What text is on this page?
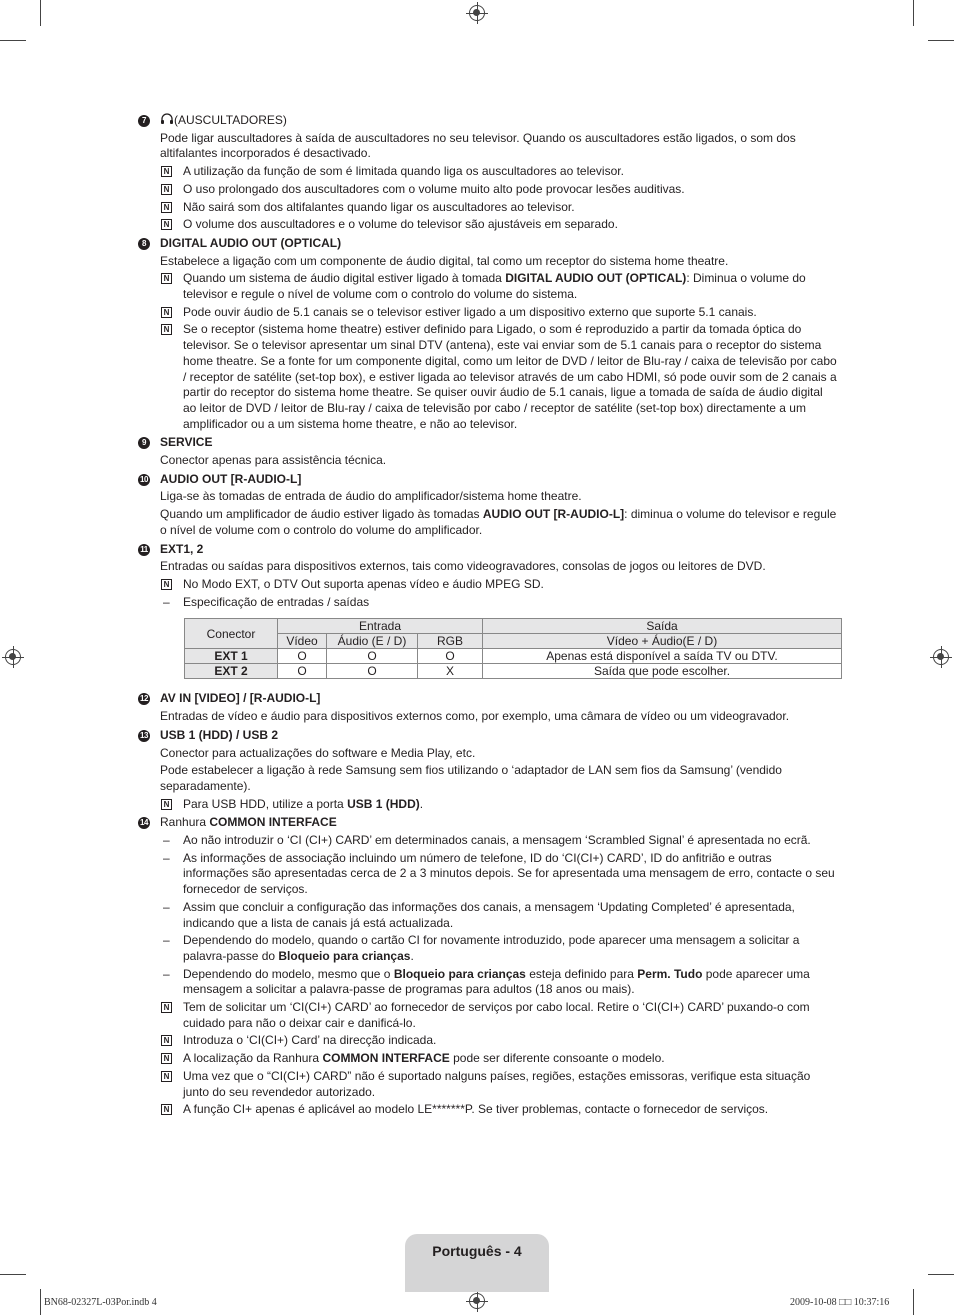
7	(AUSCULTADORES)

Pode ligar auscultadores à saída de auscultadores no seu televisor. Quando os auscultadores estão ligados, o som dos altifalantes incorporados é desactivado.

N A utilização da função de som é limitada quando liga os auscultadores ao televisor.
N O uso prolongado dos auscultadores com o volume muito alto pode provocar lesões auditivas.
N Não sairá som dos altifalantes quando ligar os auscultadores ao televisor.
N O volume dos auscultadores e o volume do televisor são ajustáveis em separado.
8	DIGITAL AUDIO OUT (OPTICAL)

Estabelece a ligação com um componente de áudio digital, tal como um receptor do sistema home theatre.

N Quando um sistema de áudio digital estiver ligado à tomada DIGITAL AUDIO OUT (OPTICAL): Diminua o volume do televisor e regule o nível de volume com o controlo do volume do sistema.
N Pode ouvir áudio de 5.1 canais se o televisor estiver ligado a um dispositivo externo que suporte 5.1 canais.
N Se o receptor (sistema home theatre) estiver definido para Ligado, o som é reproduzido a partir da tomada óptica do televisor. Se o televisor apresentar um sinal DTV (antena), este vai enviar som de 5.1 canais para o receptor do sistema home theatre. Se a fonte for um componente digital, como um leitor de DVD / leitor de Blu-ray / caixa de televisão por cabo / receptor de satélite (set-top box), e estiver ligada ao televisor através de um cabo HDMI, só pode ouvir som de 2 canais a partir do receptor do sistema home theatre. Se quiser ouvir áudio de 5.1 canais, ligue a tomada de saída de áudio digital ao leitor de DVD / leitor de Blu-ray / caixa de televisão por cabo / receptor de satélite (set-top box) directamente a um amplificador ou a um sistema home theatre, e não ao televisor.
9	SERVICE

Conector apenas para assistência técnica.

10 AUDIO OUT [R-AUDIO-L]

Liga-se às tomadas de entrada de áudio do amplificador/sistema home theatre.

Quando um amplificador de áudio estiver ligado às tomadas AUDIO OUT [R-AUDIO-L]: diminua o volume do televisor e regule o nível de volume com o controlo do volume do amplificador.

11 EXT1, 2

Entradas ou saídas para dispositivos externos, tais como videogravadores, consolas de jogos ou leitores de DVD.

N No Modo EXT, o DTV Out suporta apenas vídeo e áudio MPEG SD.
– Especificação de entradas / saídas
Conector	Entrada			Saída
	Vídeo	Áudio (E / D)	RGB	Vídeo + Áudio(E / D)
EXT 1	O	O	O	Apenas está disponível a saída TV ou DTV.
EXT 2	O	O	X	Saída que pode escolher.
12 AV IN [VIDEO] / [R-AUDIO-L]

Entradas de vídeo e áudio para dispositivos externos como, por exemplo, uma câmara de vídeo ou um videogravador.

13 USB 1 (HDD) / USB 2

Conector para actualizações do software e Media Play, etc.

Pode estabelecer a ligação à rede Samsung sem fios utilizando o ‘adaptador de LAN sem fios da Samsung’ (vendido separadamente).

N Para USB HDD, utilize a porta USB 1 (HDD).
14 Ranhura COMMON INTERFACE
– Ao não introduzir o ‘CI (CI+) CARD’ em determinados canais, a mensagem ‘Scrambled Signal’ é apresentada no ecrã.
– As informações de associação incluindo um número de telefone, ID do ‘CI(CI+) CARD’, ID do anfitrião e outras informações são apresentadas cerca de 2 a 3 minutos depois. Se for apresentada uma mensagem de erro, contacte o seu fornecedor de serviços.
– Assim que concluir a configuração das informações dos canais, a mensagem ‘Updating Completed’ é apresentada, indicando que a lista de canais já está actualizada.
– Dependendo do modelo, quando o cartão CI for novamente introduzido, pode aparecer uma mensagem a solicitar a palavra-passe do Bloqueio para crianças.
– Dependendo do modelo, mesmo que o Bloqueio para crianças esteja definido para Perm. Tudo pode aparecer uma mensagem a solicitar a palavra-passe de programas para adultos (18 anos ou mais).
N Tem de solicitar um ‘CI(CI+) CARD’ ao fornecedor de serviços por cabo local. Retire o ‘CI(CI+) CARD’ puxando-o com cuidado para não o deixar cair e danificá-lo.
N Introduza o ‘CI(CI+) Card’ na direcção indicada.
N A localização da Ranhura COMMON INTERFACE pode ser diferente consoante o modelo.
N Uma vez que o “CI(CI+) CARD” não é suportado nalguns países, regiões, estações emissoras, verifique esta situação junto do seu revendedor autorizado.
N A função CI+ apenas é aplicável ao modelo LE*******P. Se tiver problemas, contacte o fornecedor de serviços.
Português - 4
BN68-02327L-03Por.indb 4	2009-10-08 □□ 10:37:16
